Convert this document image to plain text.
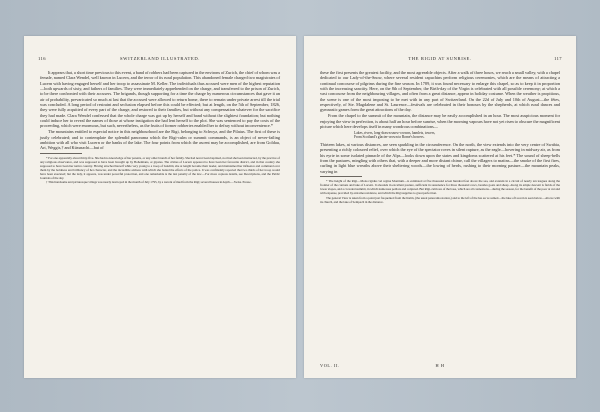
116	SWITZERLAND ILLUSTRATED.

It appears that, a short time previous to this event, a band of robbers had been captured in the environs of Zurich, the chief of whom was a female, named Clara Wendel, well known in Lucern, and the terror of its rural population. This abandoned female charged two magistrates of Lucern with having engaged herself and her troop to assassinate M. Keller. The individuals thus accused were men of the highest reputation—both upwards of sixty, and fathers of families. They were immediately apprehended on the charge, and transferred to the prison of Zurich, to be there confronted with their accusers. The brigands, though supporting for a time the charge by numerous circumstances that gave it an air of probability, prevaricated so much at last that the accused were allowed to return home, there to remain under private arrest till the trial was concluded. A long period of restraint and seclusion elapsed before this could be effected; but at length, on the 5th of September, 1826, they were fully acquitted of every part of the charge, and restored to their families, but without any compensation whatever for the sacrifice they had made. Clara Wendel confessed that the whole charge was got up by herself and band without the slightest foundation; but nothing could induce her to reveal the names of those at whose instigation she had lent herself to the plot. She was sentenced to pay the costs of the proceeding, which were enormous, but such, nevertheless, as the fruits of former robberies enabled her to defray without inconvenience.*

The mountains entitled to especial notice in this neighbourhood are the Rigi, belonging to Schwyz, and the Pilatus. The first of these is justly celebrated; and to contemplate the splendid panorama which the Rigi-culm or summit commands, is an object of never-failing ambition with all who visit Lucern or the banks of the lake. The four points from which the ascent may be accomplished, are from Goldau, Art, Weggis,† and Küssnacht—but of

* For one apparently about thirty-five. She had no knowledge of her parents, or any other branch of her family. She had never been baptized, nor had she been instructed, by the practice of any religious observance, and was supposed to have been brought up by Bohemians, or gipsies. The crimes of Lucern appeared to have been her favourite district, and in that country she supposed to have been her native country. Having attached herself while very young to a troop of banditti, she at length became their leader, and maintained her influence and command over them by the boldness and brilliancy of her character, and the incredible address with which she baited the efforts of the police. It was confidently reported that two thirds of her troop would have been executed; but the lady, it appears, was under powerful protection, and one remarkable is the last penalty of the law.—For more copious details, see Descriptions, and the Public Journals of the day.

† This handsome and picturesque village was nearly destroyed in the month of July 1795, by a torrent of mud from the Rigi; several houses in depth.—Swiss. Presse.

THE RIGID AT SUNRISE.	117

these the first presents the greatest facility, and the most agreeable objects. After a walk of three hours, we reach a small valley, with a chapel dedicated to our Lady-of-the-Snow, where several resident capuchins perform religious ceremonies, which are the means of attracting a continual concourse of pilgrims during the fine season. In 1789, it was found necessary to enlarge this chapel, so as to keep it in proportion with the increasing sanctity. Here, on the 8th of September, the Birth-day of the Virgin is celebrated with all possible ceremony; at which a vast concourse from the neighbouring villages, and often from a great distance, appear in holiday costume. When the weather is propitious, the scene is one of the most imposing to be met with in any part of Switzerland. On the 22d of July and 10th of August—the fêtes, respectively, of Ste. Magdalene and St. Laurence—festivals are celebrated in their honours by the shepherds, at which rural dances and gymnastic games form the great attractions of the day.

From the chapel to the summit of the mountain, the distance may be easily accomplished in an hour. The most auspicious moment for enjoying the view in perfection, is about half an hour before sunrise, when the morning vapours have not yet risen to obscure the magnificent picture which here develops itself in many wondrous combinations—

Lakes, rivers, long-drawn snow-crowns, hamlets, towers,
From Scotland's glacier-crown to Rome's bowers.

Thirteen lakes, at various distances, are seen sparkling in the circumference. On the north, the view extends into the very centre of Swabia, presenting a richly coloured relief, over which the eye of the spectator roves in silent rapture, as the eagle—hovering in midway air, as from his eyrie in some isolated pinnacle of the Alps—looks down upon the states and kingdoms scattered at his feet.* The sound of sheep-bells from the pastures, mingling with others that, with a deeper and more distant chime, call the villagers to matins—the smoke of the first fires, curling in light blue wreaths above their sheltering woods—the lowing of herds, rushing to their morning pasture—the mountain peaks, varying in

* The height of the Rigi—Mons rigidus vel regina Montium—is estimated at five thousand seven hundred feet above the sea, and extends in a circuit of nearly ten leagues along the frontier of the cantons and lake of Lucern. It abounds in excellent pasture, sufficient in sustenance for three thousand cows, besides goats and sheep. Along its ample descent is fields of the lower slopes, and a crowded summit, in which numerous pedlars and conjured. But Rigi-culm are of the base, which are all connexions—during the season, for the benefit of the poor at cut and with expense, provided by extreme residence, and which the Rigi supplies to great perfection.

The general View is taken from a point just frequented from the Kulm, (the usual panorama station,) and to the left of the bas au ve samed—the lake of Lucern is seen below—Above with its church, and the lake of Sempach in the distance.

VOL. II.	H H
